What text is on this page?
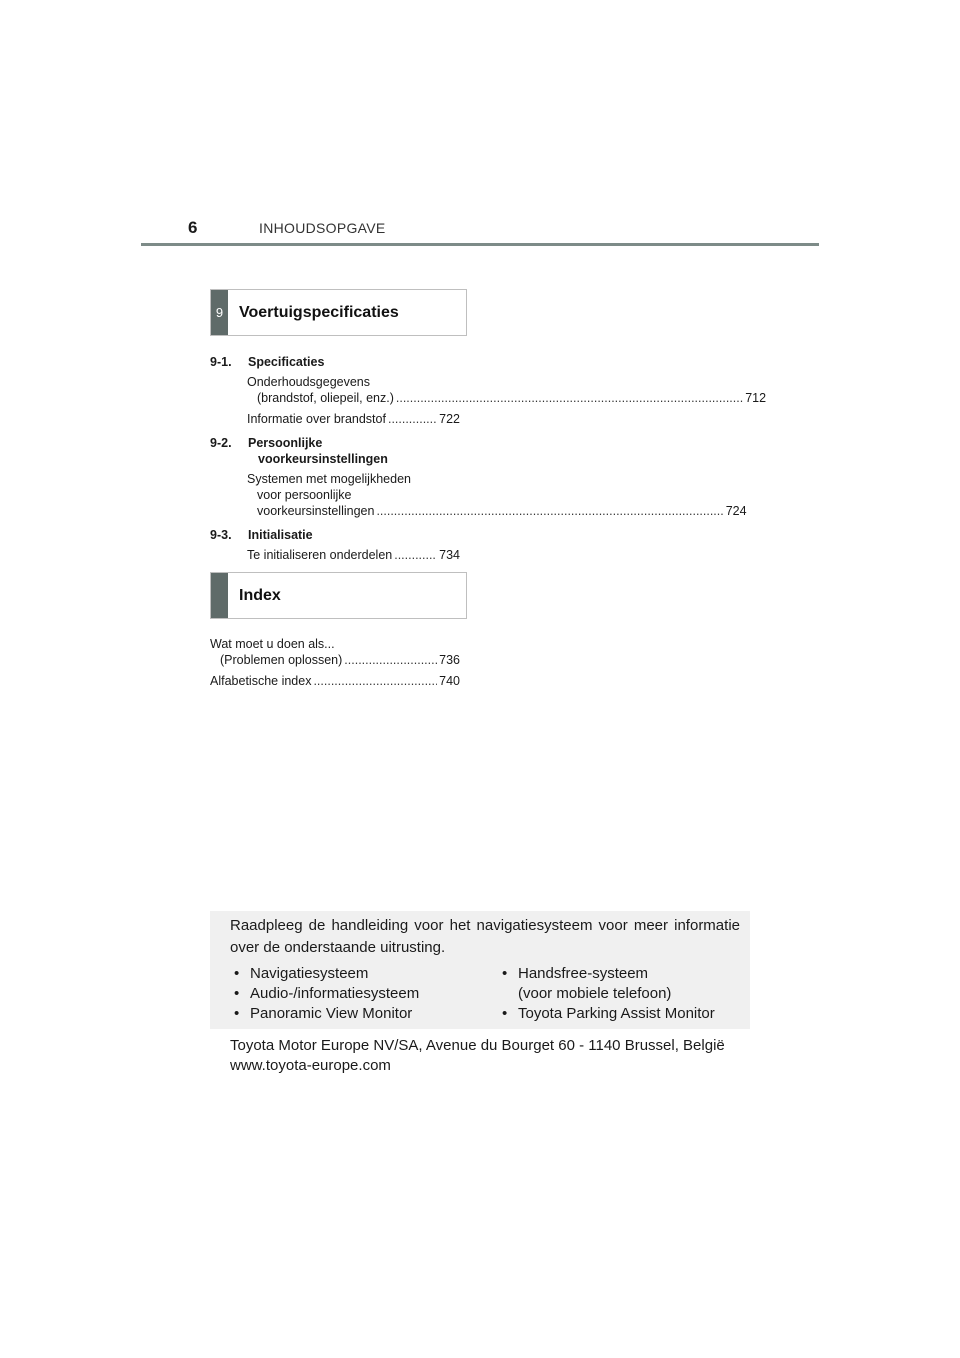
6	INHOUDSOPGAVE
9 Voertuigspecificaties
9-1. Specificaties
Onderhoudsgegevens
(brandstof, oliepeil, enz.) .....	712
Informatie over brandstof .....	722
9-2. Persoonlijke
voorkeursinstellingen
Systemen met mogelijkheden
voor persoonlijke
voorkeursinstellingen .....	724
9-3. Initialisatie
Te initialiseren onderdelen .....	734
Index
Wat moet u doen als...
(Problemen oplossen) .....	736
Alfabetische index .....	740
Raadpleeg de handleiding voor het navigatiesysteem voor meer informatie over de onderstaande uitrusting.
• Navigatiesysteem
• Audio-/informatiesysteem
• Panoramic View Monitor
• Handsfree-systeem
(voor mobiele telefoon)
• Toyota Parking Assist Monitor
Toyota Motor Europe NV/SA, Avenue du Bourget 60 - 1140 Brussel, België
www.toyota-europe.com
